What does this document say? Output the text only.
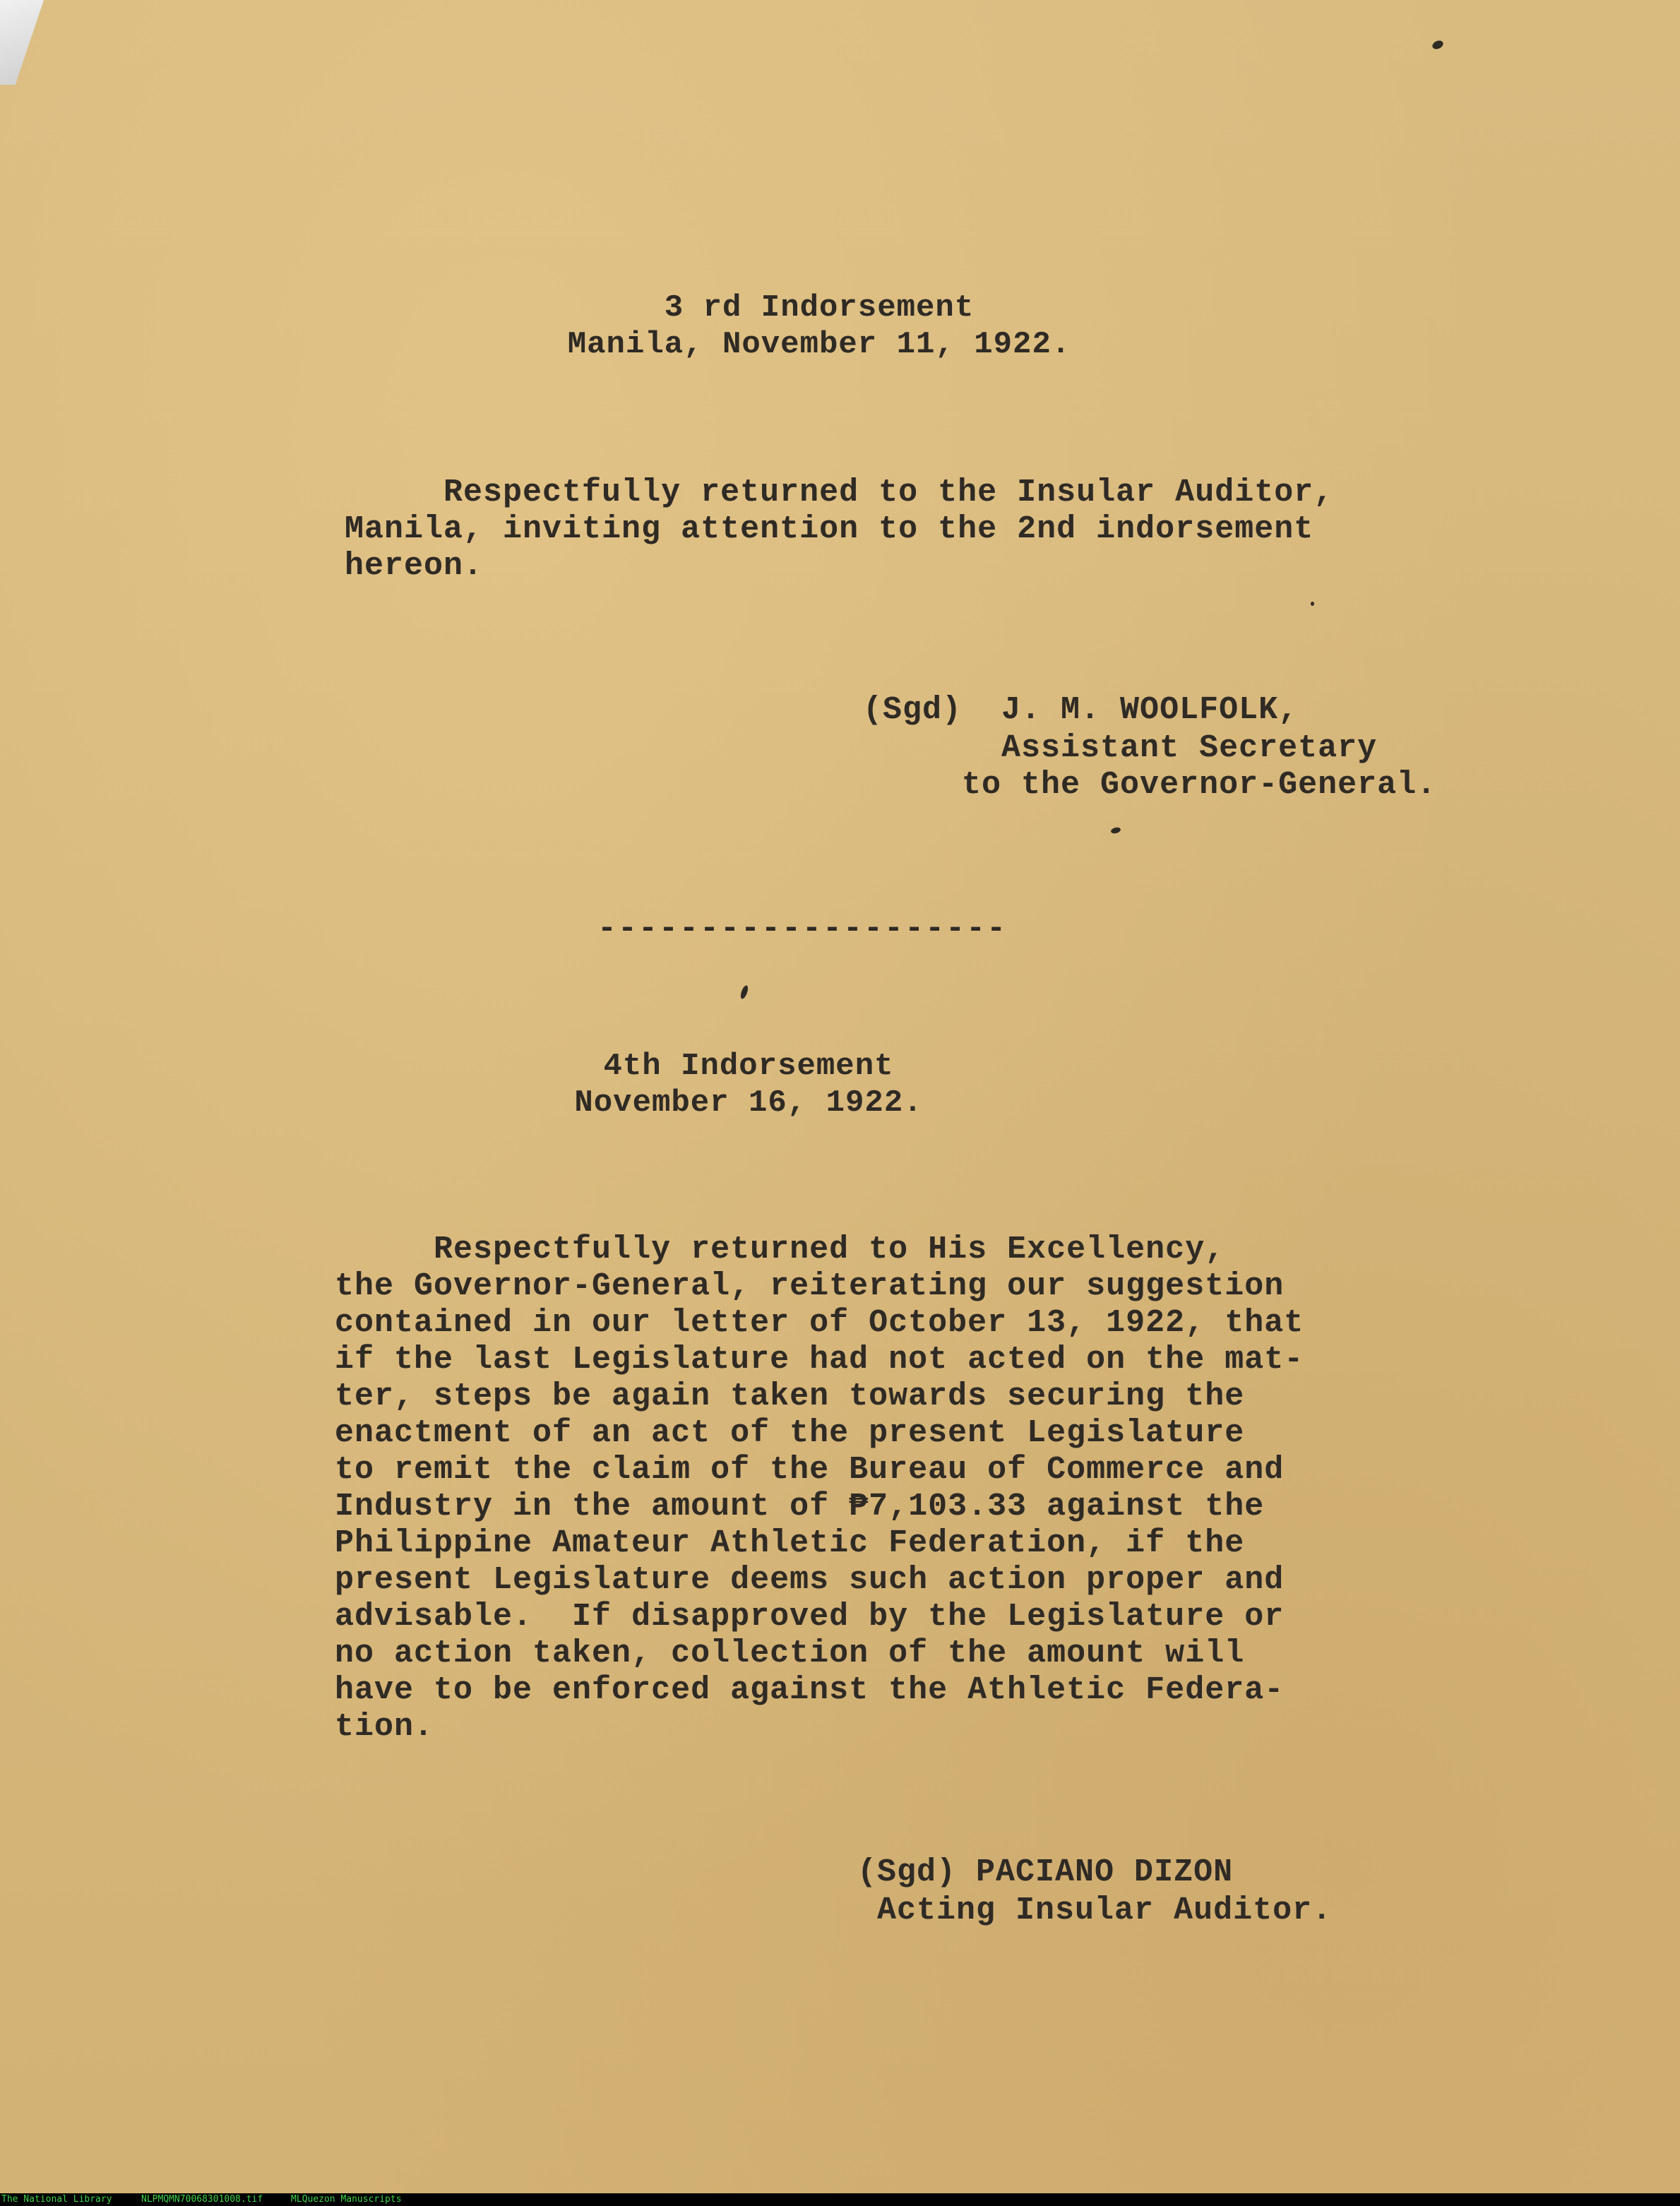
3 rd Indorsement

Manila, November 11, 1922.

Respectfully returned to the Insular Auditor,

Manila, inviting attention to the 2nd indorsement

hereon.

(Sgd)  J. M. WOOLFOLK,

Assistant Secretary

to the Governor-General.

--------------------

4th Indorsement

November 16, 1922.

Respectfully returned to His Excellency,

the Governor-General, reiterating our suggestion

contained in our letter of October 13, 1922, that

if the last Legislature had not acted on the mat-

ter, steps be again taken towards securing the

enactment of an act of the present Legislature

to remit the claim of the Bureau of Commerce and

Industry in the amount of ₱7,103.33 against the

Philippine Amateur Athletic Federation, if the

present Legislature deems such action proper and

advisable.  If disapproved by the Legislature or

no action taken, collection of the amount will

have to be enforced against the Athletic Federa-

tion.

(Sgd) PACIANO DIZON

Acting Insular Auditor.

The National Library	NLPMQMN70068301008.tif	MLQuezon Manuscripts
